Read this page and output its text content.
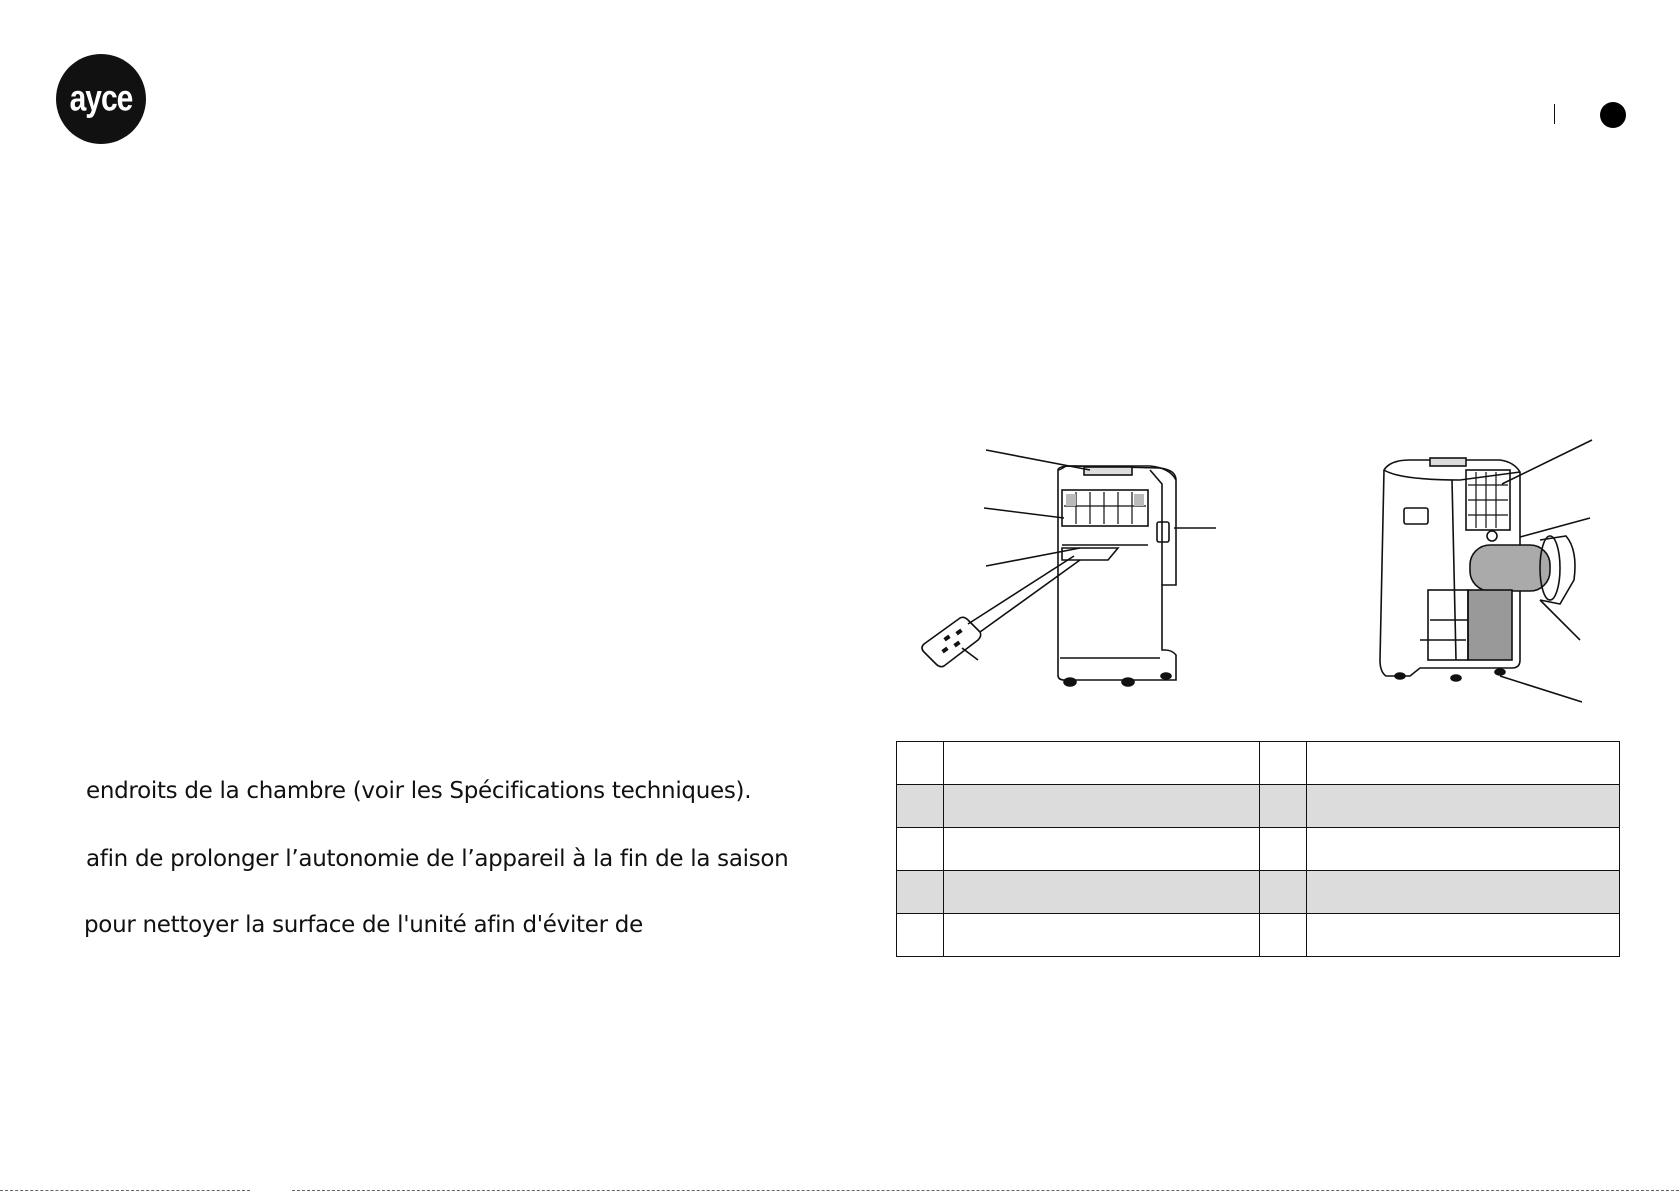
ayce
endroits de la chambre (voir les Spécifications techniques).
afin de prolonger l’autonomie de l’appareil à la fin de la saison
pour nettoyer la surface de l'unité afin d'éviter de
